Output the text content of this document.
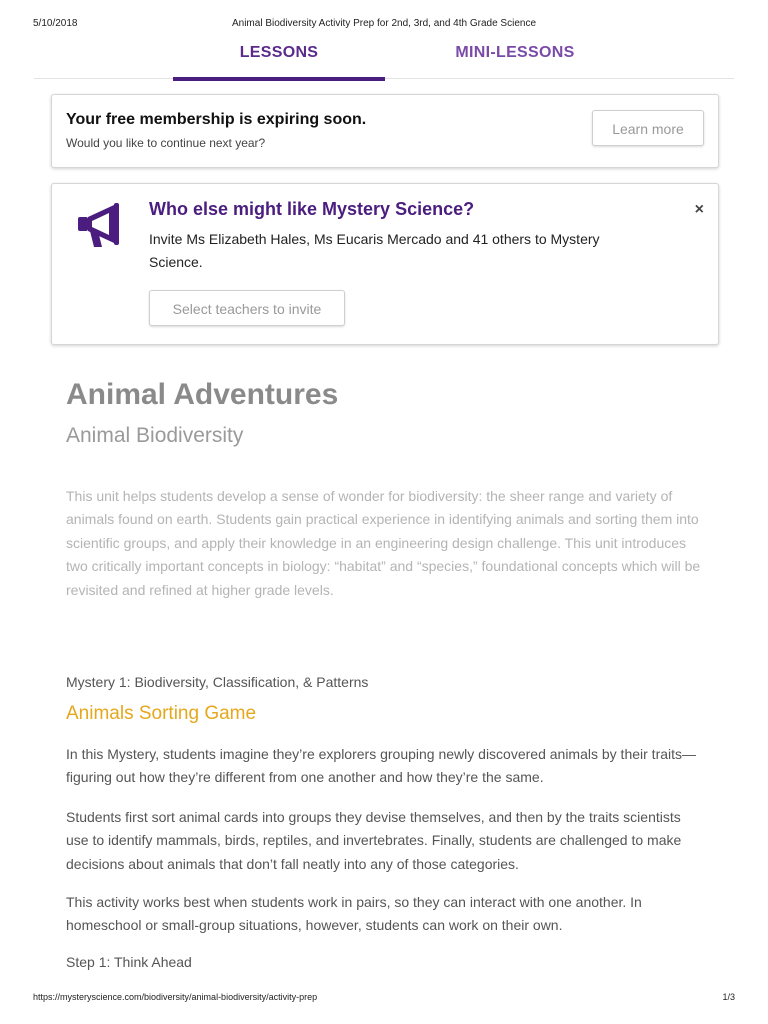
5/10/2018	Animal Biodiversity Activity Prep for 2nd, 3rd, and 4th Grade Science
LESSONS	MINI-LESSONS
Your free membership is expiring soon.
Would you like to continue next year?
Learn more
Who else might like Mystery Science?
Invite Ms Elizabeth Hales, Ms Eucaris Mercado and 41 others to Mystery Science.
×
Select teachers to invite
Animal Adventures
Animal Biodiversity
This unit helps students develop a sense of wonder for biodiversity: the sheer range and variety of animals found on earth. Students gain practical experience in identifying animals and sorting them into scientific groups, and apply their knowledge in an engineering design challenge. This unit introduces two critically important concepts in biology: “habitat” and “species,” foundational concepts which will be revisited and refined at higher grade levels.
Mystery 1: Biodiversity, Classification, & Patterns
Animals Sorting Game

In this Mystery, students imagine they’re explorers grouping newly discovered animals by their traits—figuring out how they’re different from one another and how they’re the same.

Students first sort animal cards into groups they devise themselves, and then by the traits scientists use to identify mammals, birds, reptiles, and invertebrates. Finally, students are challenged to make decisions about animals that don’t fall neatly into any of those categories.

This activity works best when students work in pairs, so they can interact with one another. In homeschool or small-group situations, however, students can work on their own.

Step 1: Think Ahead
https://mysteryscience.com/biodiversity/animal-biodiversity/activity-prep	1/3
